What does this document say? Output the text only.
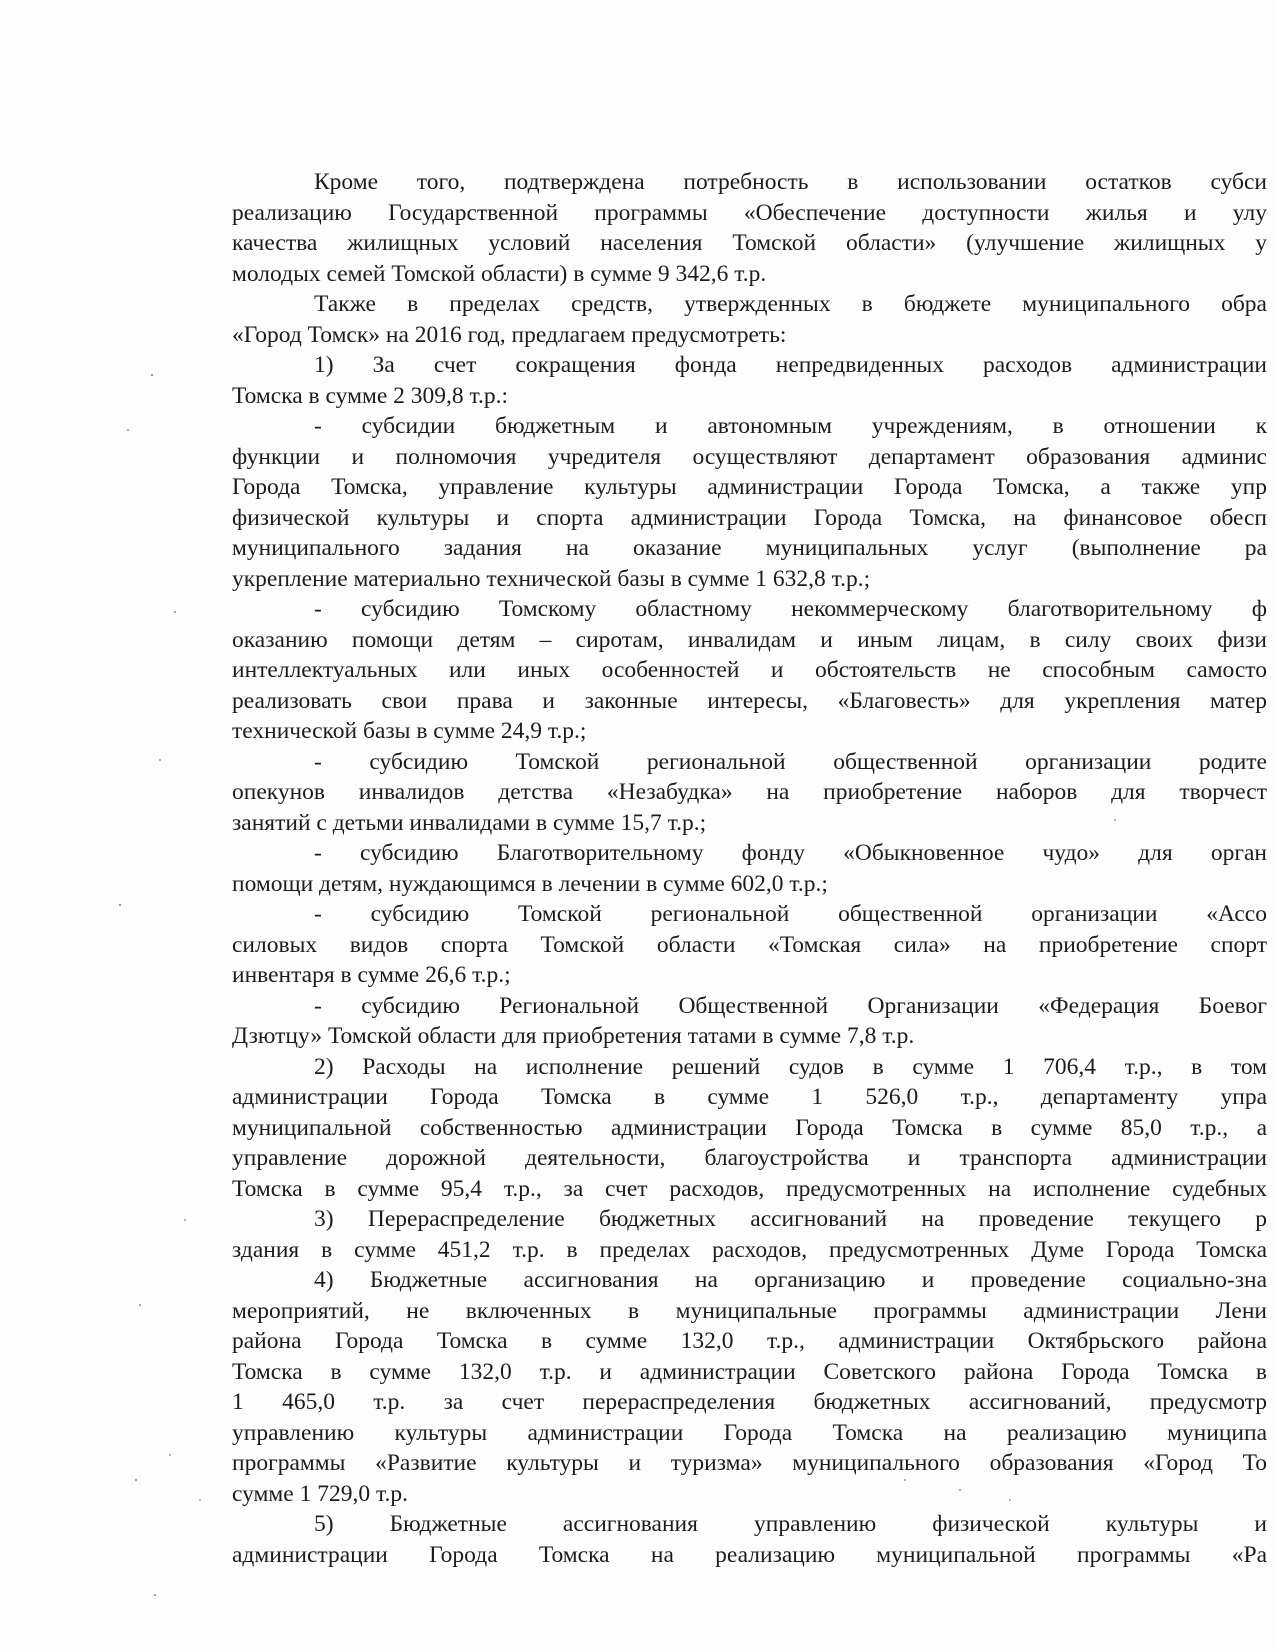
Кроме того, подтверждена потребность в использовании остатков субси
реализацию Государственной программы «Обеспечение доступности жилья и улу
качества жилищных условий населения Томской области» (улучшение жилищных у
молодых семей Томской области) в сумме 9 342,6 т.р.
Также в пределах средств, утвержденных в бюджете муниципального обра
«Город Томск» на 2016 год, предлагаем предусмотреть:
1) За счет сокращения фонда непредвиденных расходов администрации
Томска в сумме 2 309,8 т.р.:
- субсидии бюджетным и автономным учреждениям, в отношении к
функции и полномочия учредителя осуществляют департамент образования админис
Города Томска, управление культуры администрации Города Томска, а также упр
физической культуры и спорта администрации Города Томска, на финансовое обесп
муниципального задания на оказание муниципальных услуг (выполнение ра
укрепление материально технической базы в сумме 1 632,8 т.р.;
- субсидию Томскому областному некоммерческому благотворительному ф
оказанию помощи детям – сиротам, инвалидам и иным лицам, в силу своих физи
интеллектуальных или иных особенностей и обстоятельств не способным самосто
реализовать свои права и законные интересы, «Благовесть» для укрепления матер
технической базы в сумме 24,9 т.р.;
- субсидию Томской региональной общественной организации родите
опекунов инвалидов детства «Незабудка» на приобретение наборов для творчест
занятий с детьми инвалидами в сумме 15,7 т.р.;
- субсидию Благотворительному фонду «Обыкновенное чудо» для орган
помощи детям, нуждающимся в лечении в сумме 602,0 т.р.;
- субсидию Томской региональной общественной организации «Ассо
силовых видов спорта Томской области «Томская сила» на приобретение спорт
инвентаря в сумме 26,6 т.р.;
- субсидию Региональной Общественной Организации «Федерация Боевог
Дзютцу» Томской области для приобретения татами в сумме 7,8 т.р.
2) Расходы на исполнение решений судов в сумме 1 706,4 т.р., в том
администрации Города Томска в сумме 1 526,0 т.р., департаменту упра
муниципальной собственностью администрации Города Томска в сумме 85,0 т.р., а
управление дорожной деятельности, благоустройства и транспорта администрации
Томска в сумме 95,4 т.р., за счет расходов, предусмотренных на исполнение судебных
3) Перераспределение бюджетных ассигнований на проведение текущего р
здания в сумме 451,2 т.р. в пределах расходов, предусмотренных Думе Города Томска
4) Бюджетные ассигнования на организацию и проведение социально-зна
мероприятий, не включенных в муниципальные программы администрации Лени
района Города Томска в сумме 132,0 т.р., администрации Октябрьского района
Томска в сумме 132,0 т.р. и администрации Советского района Города Томска в
1 465,0 т.р. за счет перераспределения бюджетных ассигнований, предусмотр
управлению культуры администрации Города Томска на реализацию муниципа
программы «Развитие культуры и туризма» муниципального образования «Город То
сумме 1 729,0 т.р.
5) Бюджетные ассигнования управлению физической культуры и
администрации Города Томска на реализацию муниципальной программы «Ра
